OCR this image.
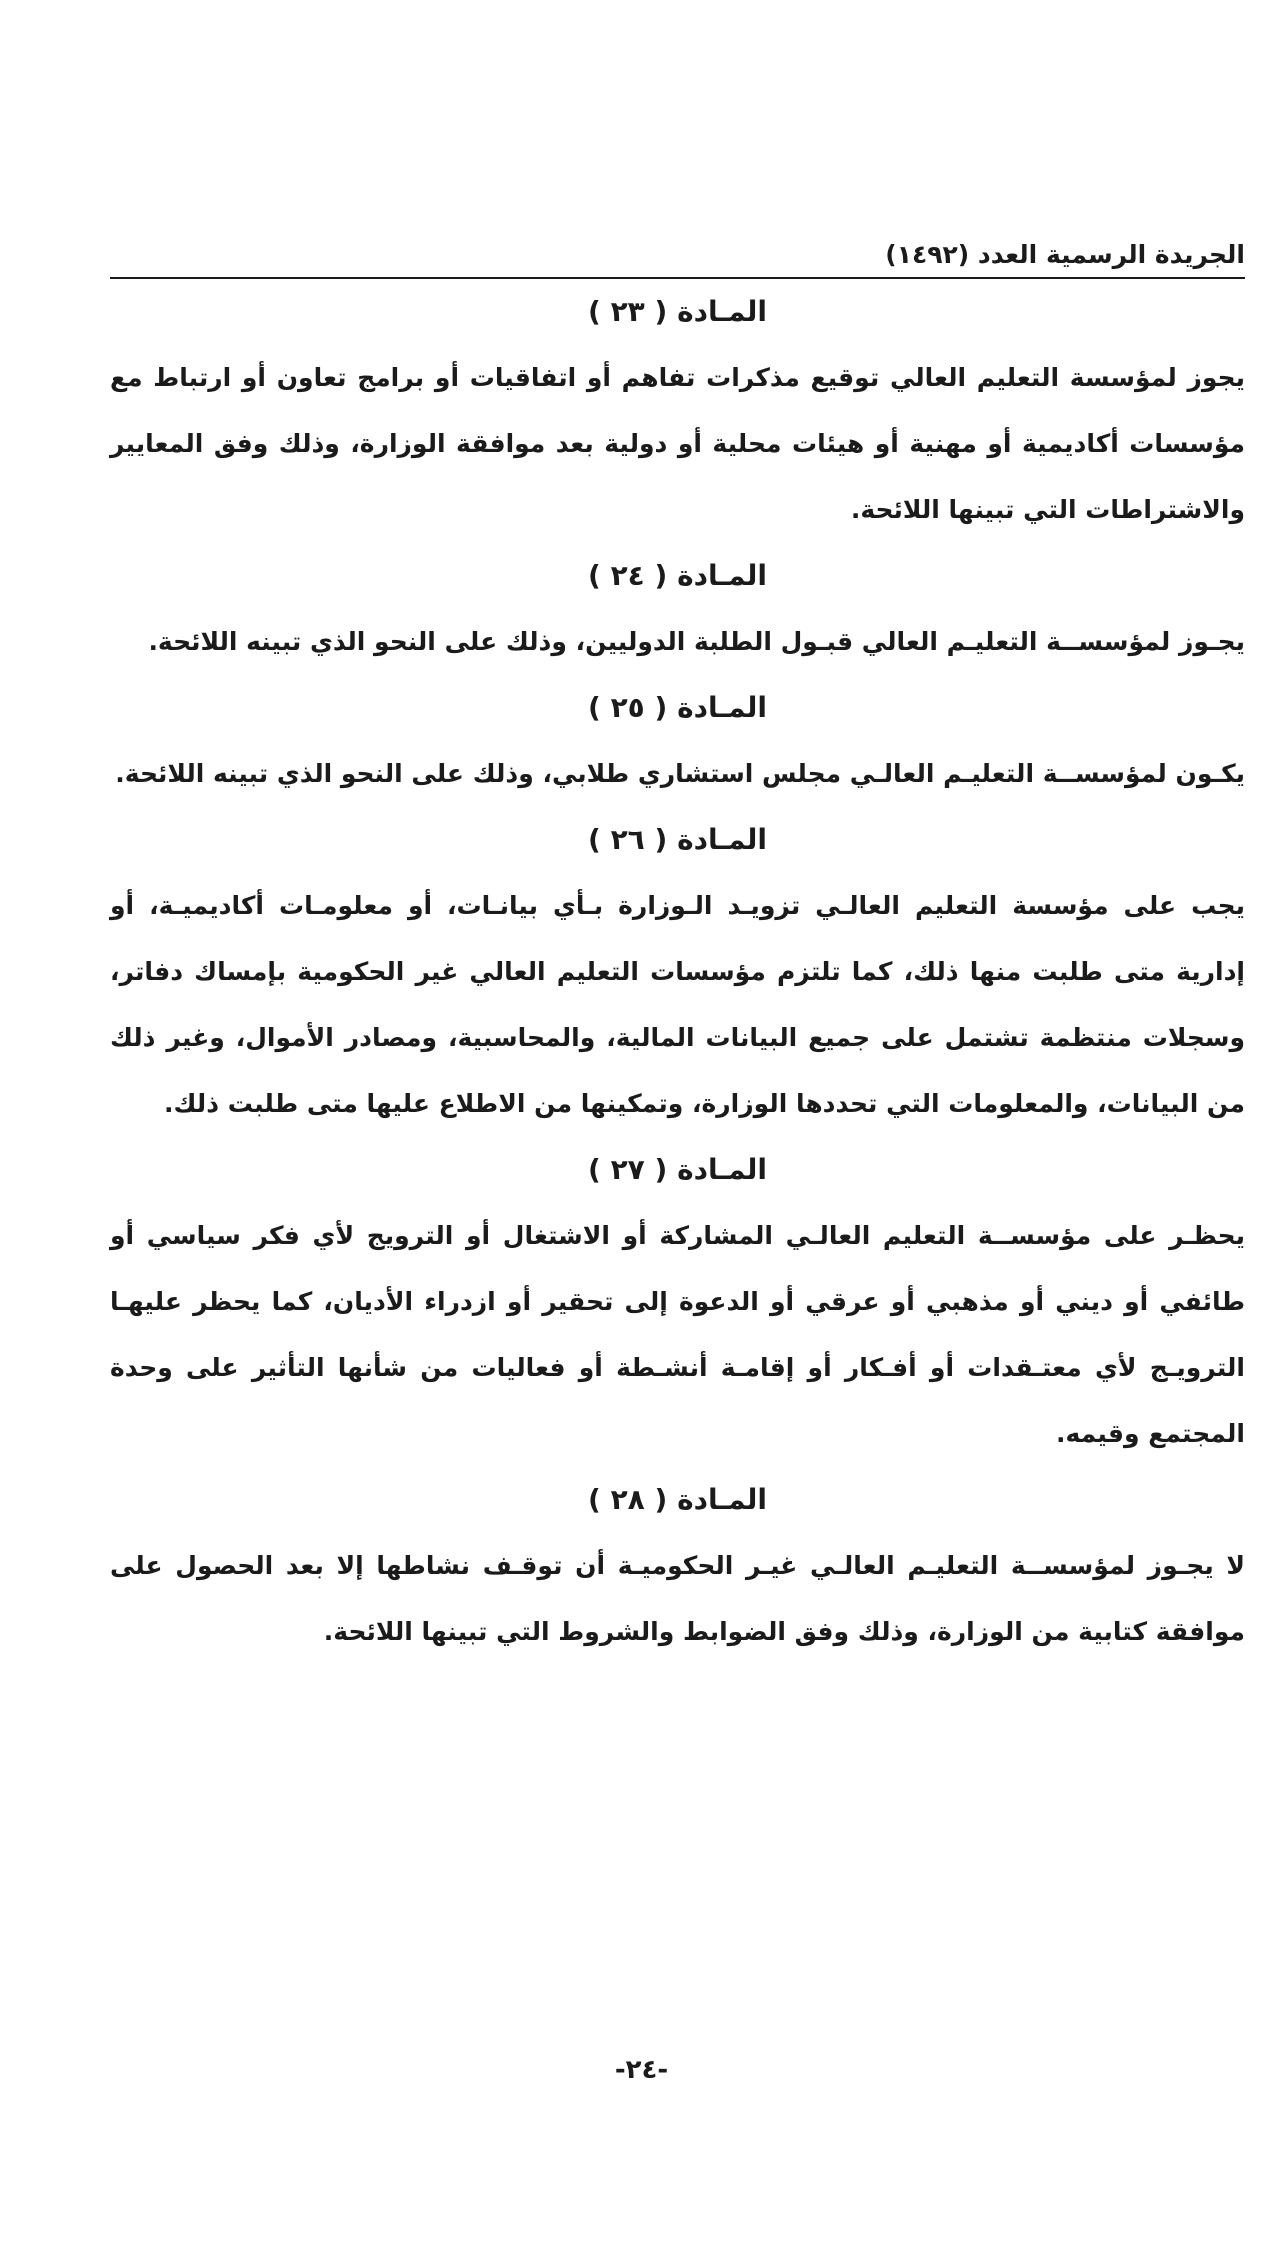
الجريدة الرسمية العدد (١٤٩٢)
المـادة ( ٢٣ )
يجوز لمؤسسة التعليم العالي توقيع مذكرات تفاهم أو اتفاقيات أو برامج تعاون أو ارتباط مع مؤسسات أكاديمية أو مهنية أو هيئات محلية أو دولية بعد موافقة الوزارة، وذلك وفق المعايير والاشتراطات التي تبينها اللائحة.
المـادة ( ٢٤ )
يجـوز لمؤسســة التعليـم العالي قبـول الطلبة الدوليين، وذلك على النحو الذي تبينه اللائحة.
المـادة ( ٢٥ )
يكـون لمؤسســة التعليـم العالـي مجلس استشاري طلابي، وذلك على النحو الذي تبينه اللائحة.
المـادة ( ٢٦ )
يجب على مؤسسة التعليم العالـي تزويـد الـوزارة بـأي بيانـات، أو معلومـات أكاديميـة، أو إدارية متى طلبت منها ذلك، كما تلتزم مؤسسات التعليم العالي غير الحكومية بإمساك دفاتر، وسجلات منتظمة تشتمل على جميع البيانات المالية، والمحاسبية، ومصادر الأموال، وغير ذلك من البيانات، والمعلومات التي تحددها الوزارة، وتمكينها من الاطلاع عليها متى طلبت ذلك.
المـادة ( ٢٧ )
يحظـر على مؤسســة التعليم العالـي المشاركة أو الاشتغال أو الترويج لأي فكر سياسي أو طائفي أو ديني أو مذهبي أو عرقي أو الدعوة إلى تحقير أو ازدراء الأديان، كما يحظر عليهـا الترويـج لأي معتـقدات أو أفـكار أو إقامـة أنشـطة أو فعاليات من شأنها التأثير على وحدة المجتمع وقيمه.
المـادة ( ٢٨ )
لا يجـوز لمؤسســة التعليـم العالـي غيـر الحكوميـة أن توقـف نشاطها إلا بعد الحصول على موافقة كتابية من الوزارة، وذلك وفق الضوابط والشروط التي تبينها اللائحة.
-٢٤-
